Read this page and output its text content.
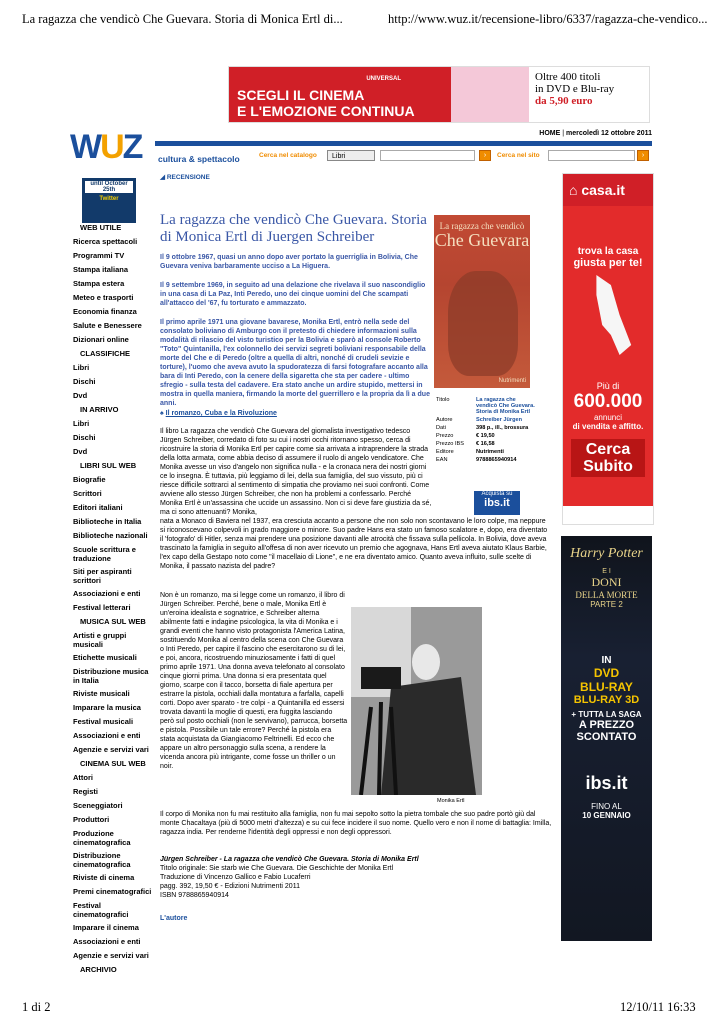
La ragazza che vendicò Che Guevara. Storia di Monica Ertl di...	http://www.wuz.it/recensione-libro/6337/ragazza-che-vendico...
UNIVERSAL
SCEGLI IL CINEMA
E L'EMOZIONE CONTINUA
Oltre 400 titoli
in DVD e Blu-ray
da 5,90 euro
WUZ cultura & spettacolo
HOME | mercoledì 12 ottobre 2011
Cerca nel catalogo	Libri	›	Cerca nel sito	›
until October 25th
Twitter
WEB UTILE
Ricerca spettacoli
Programmi TV
Stampa italiana
Stampa estera
Meteo e trasporti
Economia finanza
Salute e Benessere
Dizionari online
CLASSIFICHE
Libri
Dischi
Dvd
IN ARRIVO
Libri
Dischi
Dvd
LIBRI SUL WEB
Biografie
Scrittori
Editori italiani
Biblioteche in Italia
Biblioteche nazionali
Scuole scrittura e traduzione
Siti per aspiranti scrittori
Associazioni e enti
Festival letterari
MUSICA SUL WEB
Artisti e gruppi musicali
Etichette musicali
Distribuzione musica in Italia
Riviste musicali
Imparare la musica
Festival musicali
Associazioni e enti
Agenzie e servizi vari
CINEMA SUL WEB
Attori
Registi
Sceneggiatori
Produttori
Produzione cinematografica
Distribuzione cinematografica
Riviste di cinema
Premi cinematografici
Festival cinematografici
Imparare il cinema
Associazioni e enti
Agenzie e servizi vari
ARCHIVIO
◢ RECENSIONE
La ragazza che vendicò Che Guevara. Storia di Monica Ertl di Juergen Schreiber
Il 9 ottobre 1967, quasi un anno dopo aver portato la guerriglia in Bolivia, Che Guevara veniva barbaramente ucciso a La Higuera.
Il 9 settembre 1969, in seguito ad una delazione che rivelava il suo nascondiglio in una casa di La Paz, Inti Peredo, uno dei cinque uomini del Che scampati all'attacco del '67, fu torturato e ammazzato.
Il primo aprile 1971 una giovane bavarese, Monika Ertl, entrò nella sede del consolato boliviano di Amburgo con il pretesto di chiedere informazioni sulla modalità di rilascio del visto turistico per la Bolivia e sparò al console Roberto "Toto" Quintanilla, l'ex colonnello dei servizi segreti boliviani responsabile della morte del Che e di Peredo (oltre a quella di altri, nonché di crudeli sevizie e torture), l'uomo che aveva avuto la spudoratezza di farsi fotografare accanto alla bara di Inti Peredo, con la cenere della sigaretta che sta per cadere - ultimo sfregio - sulla testa del cadavere. Era stato anche un ardire stupido, mettersi in mostra in quella maniera, firmando la morte del guerrillero e la propria da lì a due anni.
♠ Il romanzo, Cuba e la Rivoluzione
Il libro La ragazza che vendicò Che Guevara del giornalista investigativo tedesco Jürgen Schreiber, corredato di foto su cui i nostri occhi ritornano spesso, cerca di ricostruire la storia di Monika Ertl per capire come sia arrivata a intraprendere la strada della lotta armata, come abbia deciso di assumere il ruolo di angelo vendicatore. Che Monika avesse un viso d'angelo non significa nulla - e la cronaca nera dei nostri giorni ce lo insegna. È tuttavia, più leggiamo di lei, della sua famiglia, del suo vissuto, più ci riesce difficile sottrarci al sentimento di simpatia che proviamo nei suoi confronti. Come avviene allo stesso Jürgen Schreiber, che non ha problemi a confessarlo. Perché Monika Ertl è un'assassina che uccide un assassino. Non ci si deve fare giustizia da sé, ma ci sono attenuanti? Monika,
nata a Monaco di Baviera nel 1937, era cresciuta accanto a persone che non solo non scontavano le loro colpe, ma neppure si riconoscevano colpevoli in grado maggiore o minore. Suo padre Hans era stato un famoso scalatore e, dopo, era diventato il 'fotografo' di Hitler, senza mai prendere una posizione davanti alle atrocità che fissava sulla pellicola. In Bolivia, dove aveva trascinato la famiglia in seguito all'offesa di non aver ricevuto un premio che agognava, Hans Ertl aveva aiutato Klaus Barbie, l'ex capo della Gestapo noto come "il macellaio di Lione", e ne era diventato amico. Quanto aveva influito, sulle scelte di Monika, il passato nazista del padre?
Non è un romanzo, ma si legge come un romanzo, il libro di Jürgen Schreiber. Perché, bene o male, Monika Ertl è un'eroina idealista e sognatrice, e Schreiber alterna abilmente fatti e indagine psicologica, la vita di Monika e i grandi eventi che hanno visto protagonista l'America Latina, sostituendo Monika al centro della scena con Che Guevara o Inti Peredo, per capire il fascino che esercitarono su di lei, e poi, ancora, ricostruendo minuziosamente i fatti di quel primo aprile 1971. Una donna aveva telefonato al consolato cinque giorni prima. Una donna si era presentata quel giorno, scarpe con il tacco, borsetta di fiale apertura per estrarre la pistola, occhiali dalla montatura a farfalla, capelli corti. Dopo aver sparato - tre colpi - a Quintanilla ed essersi trovata davanti la moglie di questi, era fuggita lasciando però sul posto occhiali (non le servivano), parrucca, borsetta e pistola. Possibile un tale errore? Perché la pistola era stata acquistata da Giangiacomo Feltrinelli. Ed ecco che appare un altro personaggio sulla scena, a rendere la vicenda ancora più intrigante, come fosse un thriller o un noir.
Monika Ertl
Il corpo di Monika non fu mai restituito alla famiglia, non fu mai sepolto sotto la pietra tombale che suo padre portò giù dal monte Chacaltaya (più di 5000 metri d'altezza) e su cui fece incidere il suo nome. Quello vero e non il nome di battaglia: Imilla, ragazza india. Per renderne l'identità degli oppressi e non degli oppressori.
Jürgen Schreiber - La ragazza che vendicò Che Guevara. Storia di Monika Ertl
Titolo originale: Sie starb wie Che Guevara. Die Geschichte der Monika Ertl
Traduzione di Vincenzo Gallico e Fabio Lucaferri
pagg. 392, 19,50 € - Edizioni Nutrimenti 2011
ISBN 9788865940914
L'autore
La ragazza che vendicò
Che Guevara
Nutrimenti
Titolo	La ragazza che vendicò Che Guevara. Storia di Monika Ertl
Autore	Schreiber Jürgen
Dati	398 p., ill., brossura
Prezzo	€ 19,50
Prezzo IBS	€ 16,58
Editore	Nutrimenti
EAN	9788865940914
Acquista su
ibs.it
⌂ casa.it
trova la casa
giusta per te!
Più di
600.000
annunci
di vendita e affitto.
Cerca
Subito
Harry Potter
E I
DONI
DELLA MORTE
PARTE 2
IN
DVD
BLU-RAY
BLU-RAY 3D
+ TUTTA LA SAGA
A PREZZO
SCONTATO
ibs.it
FINO AL
10 GENNAIO
1 di 2	12/10/11 16:33
